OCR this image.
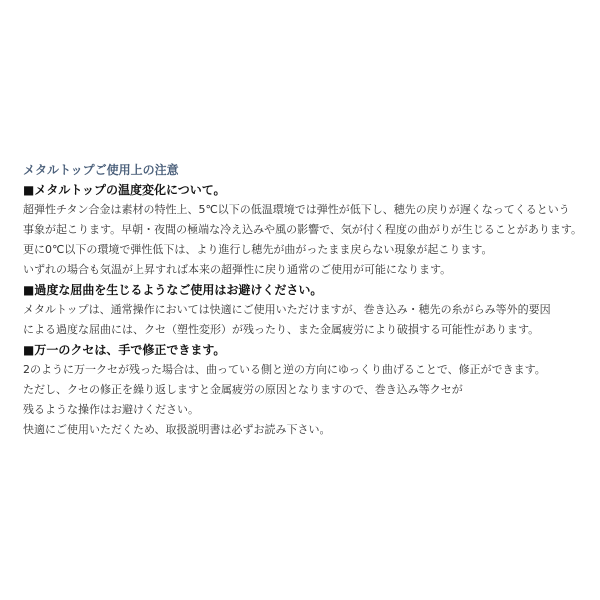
メタルトップご使用上の注意
■メタルトップの温度変化について。
超弾性チタン合金は素材の特性上、5℃以下の低温環境では弾性が低下し、穂先の戻りが遅くなってくるという
事象が起こります。早朝・夜間の極端な冷え込みや風の影響で、気が付く程度の曲がりが生じることがあります。
更に0℃以下の環境で弾性低下は、より進行し穂先が曲がったまま戻らない現象が起こります。
いずれの場合も気温が上昇すれば本来の超弾性に戻り通常のご使用が可能になります。
■過度な屈曲を生じるようなご使用はお避けください。
メタルトップは、通常操作においては快適にご使用いただけますが、巻き込み・穂先の糸がらみ等外的要因
による過度な屈曲には、クセ（塑性変形）が残ったり、また金属疲労により破損する可能性があります。
■万一のクセは、手で修正できます。
2のように万一クセが残った場合は、曲っている側と逆の方向にゆっくり曲げることで、修正ができます。
ただし、クセの修正を繰り返しますと金属疲労の原因となりますので、巻き込み等クセが
残るような操作はお避けください。
快適にご使用いただくため、取扱説明書は必ずお読み下さい。
